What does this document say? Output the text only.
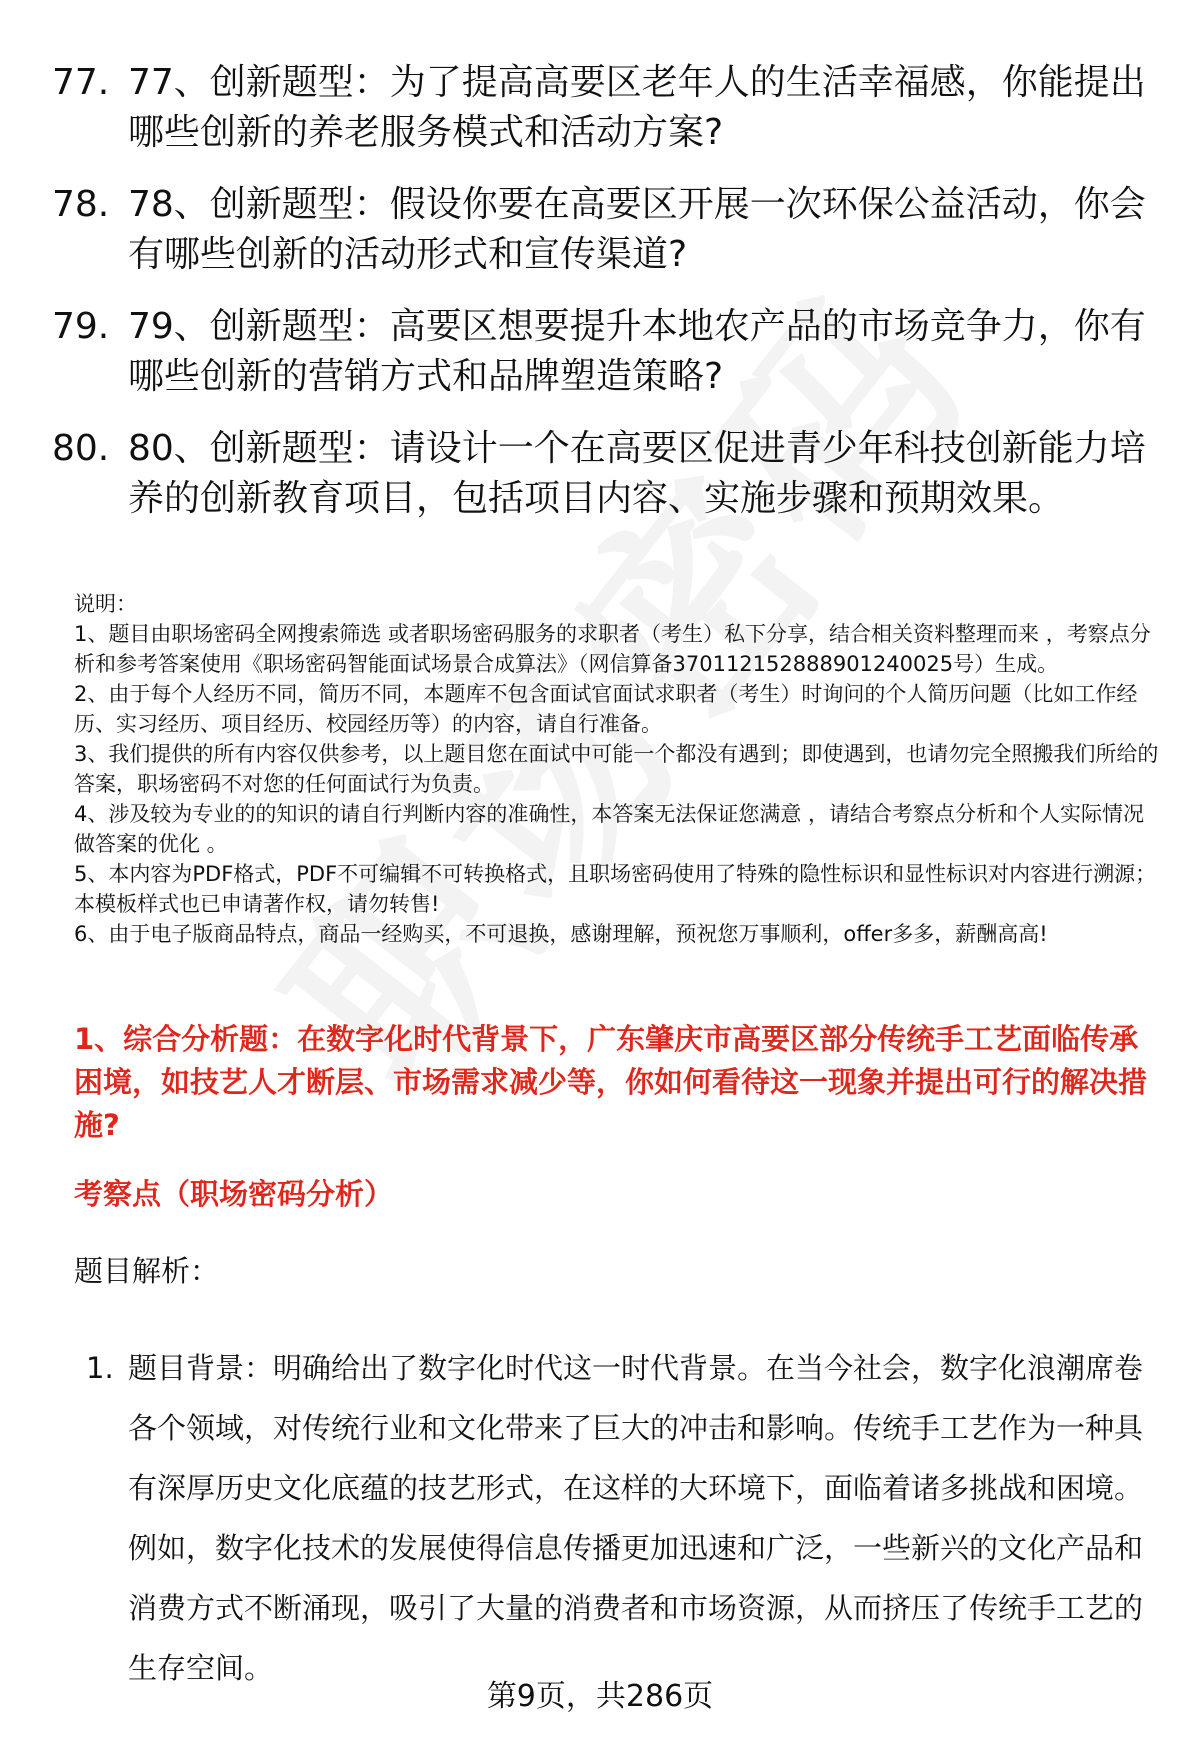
77. 77、创新题型：为了提高高要区老年人的生活幸福感，你能提出哪些创新的养老服务模式和活动方案?
78. 78、创新题型：假设你要在高要区开展一次环保公益活动，你会有哪些创新的活动形式和宣传渠道?
79. 79、创新题型：高要区想要提升本地农产品的市场竞争力，你有哪些创新的营销方式和品牌塑造策略?
80. 80、创新题型：请设计一个在高要区促进青少年科技创新能力培养的创新教育项目，包括项目内容、实施步骤和预期效果。

说明：

1、题目由职场密码全网搜索筛选 或者职场密码服务的求职者（考生）私下分享，结合相关资料整理而来 ，考察点分析和参考答案使用《职场密码智能面试场景合成算法》（网信算备370112152888901240025号）生成。

2、由于每个人经历不同，简历不同，本题库不包含面试官面试求职者（考生）时询问的个人简历问题（比如工作经历、实习经历、项目经历、校园经历等）的内容，请自行准备。

3、我们提供的所有内容仅供参考，以上题目您在面试中可能一个都没有遇到；即使遇到，也请勿完全照搬我们所给的答案，职场密码不对您的任何面试行为负责。

4、涉及较为专业的的知识的请自行判断内容的准确性，本答案无法保证您满意 ，请结合考察点分析和个人实际情况做答案的优化 。

5、本内容为PDF格式，PDF不可编辑不可转换格式，且职场密码使用了特殊的隐性标识和显性标识对内容进行溯源；本模板样式也已申请著作权，请勿转售!

6、由于电子版商品特点，商品一经购买，不可退换，感谢理解，预祝您万事顺利，offer多多，薪酬高高!

1、综合分析题：在数字化时代背景下，广东肇庆市高要区部分传统手工艺面临传承困境，如技艺人才断层、市场需求减少等，你如何看待这一现象并提出可行的解决措施?
考察点（职场密码分析）
题目解析：
1. 题目背景：明确给出了数字化时代这一时代背景。在当今社会，数字化浪潮席卷各个领域，对传统行业和文化带来了巨大的冲击和影响。传统手工艺作为一种具有深厚历史文化底蕴的技艺形式，在这样的大环境下，面临着诸多挑战和困境。例如，数字化技术的发展使得信息传播更加迅速和广泛，一些新兴的文化产品和消费方式不断涌现，吸引了大量的消费者和市场资源，从而挤压了传统手工艺的生存空间。
第9页，共286页
